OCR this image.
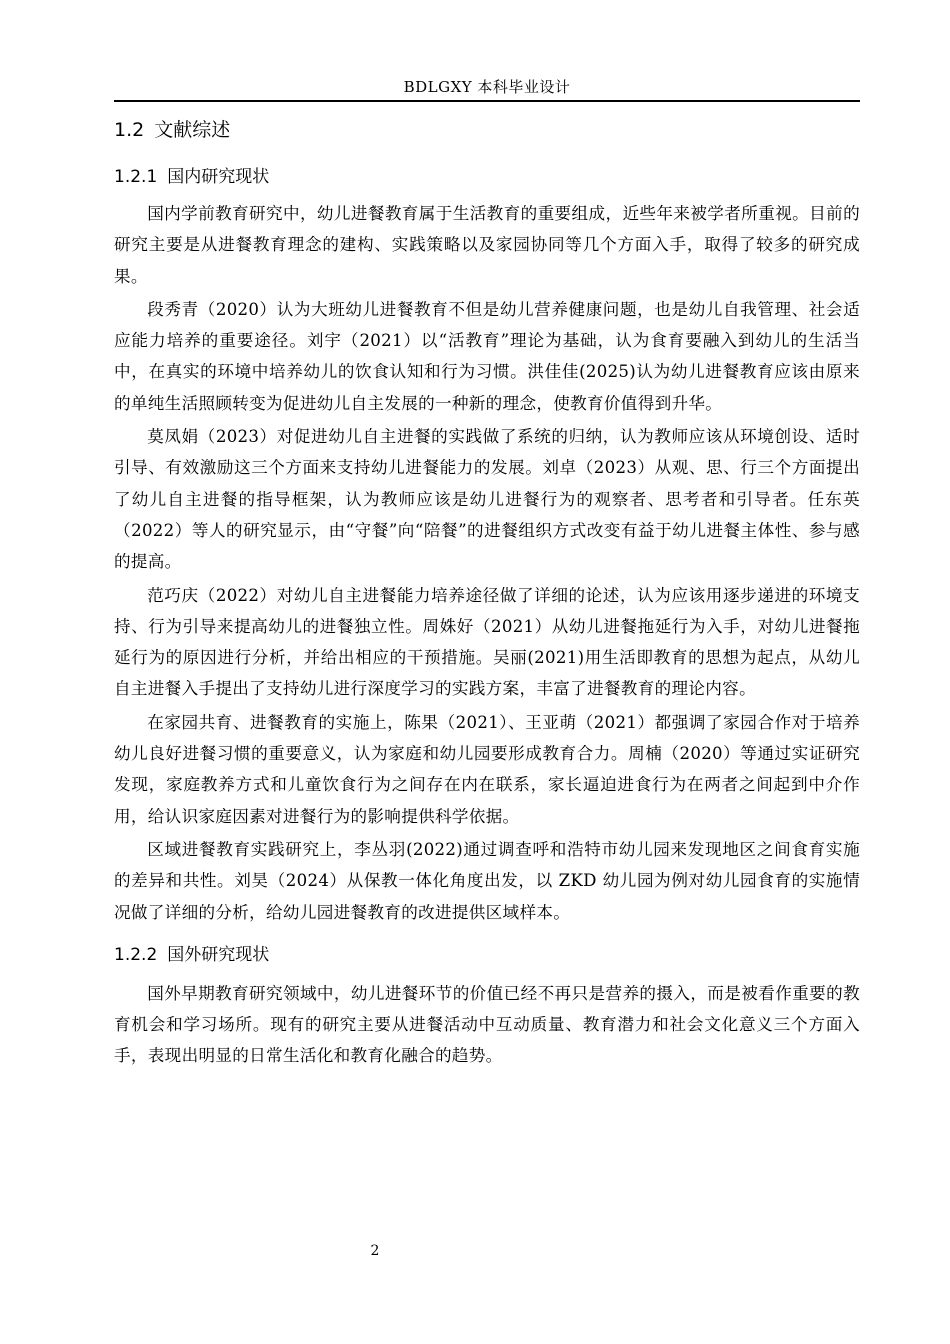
BDLGXY 本科毕业设计
1.2 文献综述
1.2.1 国内研究现状

国内学前教育研究中，幼儿进餐教育属于生活教育的重要组成，近些年来被学者所重视。目前的研究主要是从进餐教育理念的建构、实践策略以及家园协同等几个方面入手，取得了较多的研究成果。

段秀青（2020）认为大班幼儿进餐教育不但是幼儿营养健康问题，也是幼儿自我管理、社会适应能力培养的重要途径。刘宇（2021）以“活教育”理论为基础，认为食育要融入到幼儿的生活当中，在真实的环境中培养幼儿的饮食认知和行为习惯。洪佳佳(2025)认为幼儿进餐教育应该由原来的单纯生活照顾转变为促进幼儿自主发展的一种新的理念，使教育价值得到升华。

莫凤娟（2023）对促进幼儿自主进餐的实践做了系统的归纳，认为教师应该从环境创设、适时引导、有效激励这三个方面来支持幼儿进餐能力的发展。刘卓（2023）从观、思、行三个方面提出了幼儿自主进餐的指导框架，认为教师应该是幼儿进餐行为的观察者、思考者和引导者。任东英（2022）等人的研究显示，由“守餐”向“陪餐”的进餐组织方式改变有益于幼儿进餐主体性、参与感的提高。

范巧庆（2022）对幼儿自主进餐能力培养途径做了详细的论述，认为应该用逐步递进的环境支持、行为引导来提高幼儿的进餐独立性。周姝好（2021）从幼儿进餐拖延行为入手，对幼儿进餐拖延行为的原因进行分析，并给出相应的干预措施。吴丽(2021)用生活即教育的思想为起点，从幼儿自主进餐入手提出了支持幼儿进行深度学习的实践方案，丰富了进餐教育的理论内容。

在家园共育、进餐教育的实施上，陈果（2021）、王亚萌（2021）都强调了家园合作对于培养幼儿良好进餐习惯的重要意义，认为家庭和幼儿园要形成教育合力。周楠（2020）等通过实证研究发现，家庭教养方式和儿童饮食行为之间存在内在联系，家长逼迫进食行为在两者之间起到中介作用，给认识家庭因素对进餐行为的影响提供科学依据。

区域进餐教育实践研究上，李丛羽(2022)通过调查呼和浩特市幼儿园来发现地区之间食育实施的差异和共性。刘昊（2024）从保教一体化角度出发，以 ZKD 幼儿园为例对幼儿园食育的实施情况做了详细的分析，给幼儿园进餐教育的改进提供区域样本。

1.2.2 国外研究现状

国外早期教育研究领域中，幼儿进餐环节的价值已经不再只是营养的摄入，而是被看作重要的教育机会和学习场所。现有的研究主要从进餐活动中互动质量、教育潜力和社会文化意义三个方面入手，表现出明显的日常生活化和教育化融合的趋势。

2
